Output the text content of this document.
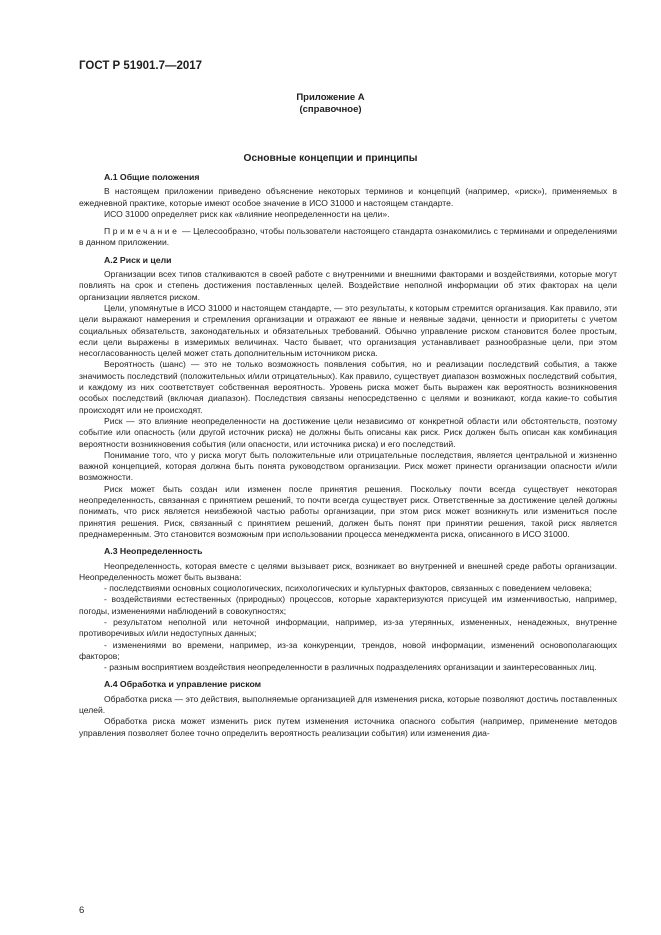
ГОСТ Р 51901.7—2017
Приложение А
(справочное)
Основные концепции и принципы
А.1 Общие положения

В настоящем приложении приведено объяснение некоторых терминов и концепций (например, «риск»), применяемых в ежедневной практике, которые имеют особое значение в ИСО 31000 и настоящем стандарте.

ИСО 31000 определяет риск как «влияние неопределенности на цели».

Примечание — Целесообразно, чтобы пользователи настоящего стандарта ознакомились с терминами и определениями в данном приложении.

А.2 Риск и цели

Организации всех типов сталкиваются в своей работе с внутренними и внешними факторами и воздействиями, которые могут повлиять на срок и степень достижения поставленных целей. Воздействие неполной информации об этих факторах на цели организации является риском.

Цели, упомянутые в ИСО 31000 и настоящем стандарте, — это результаты, к которым стремится организация. Как правило, эти цели выражают намерения и стремления организации и отражают ее явные и неявные задачи, ценности и приоритеты с учетом социальных обязательств, законодательных и обязательных требований. Обычно управление риском становится более простым, если цели выражены в измеримых величинах. Часто бывает, что организация устанавливает разнообразные цели, при этом несогласованность целей может стать дополнительным источником риска.

Вероятность (шанс) — это не только возможность появления события, но и реализации последствий события, а также значимость последствий (положительных и/или отрицательных). Как правило, существует диапазон возможных последствий события, и каждому из них соответствует собственная вероятность. Уровень риска может быть выражен как вероятность возникновения особых последствий (включая диапазон). Последствия связаны непосредственно с целями и возникают, когда какие-то события происходят или не происходят.

Риск — это влияние неопределенности на достижение цели независимо от конкретной области или обстоятельств, поэтому событие или опасность (или другой источник риска) не должны быть описаны как риск. Риск должен быть описан как комбинация вероятности возникновения события (или опасности, или источника риска) и его последствий.

Понимание того, что у риска могут быть положительные или отрицательные последствия, является центральной и жизненно важной концепцией, которая должна быть понята руководством организации. Риск может принести организации опасности и/или возможности.

Риск может быть создан или изменен после принятия решения. Поскольку почти всегда существует некоторая неопределенность, связанная с принятием решений, то почти всегда существует риск. Ответственные за достижение целей должны понимать, что риск является неизбежной частью работы организации, при этом риск может возникнуть или измениться после принятия решения. Риск, связанный с принятием решений, должен быть понят при принятии решения, такой риск является преднамеренным. Это становится возможным при использовании процесса менеджмента риска, описанного в ИСО 31000.

А.3 Неопределенность

Неопределенность, которая вместе с целями вызывает риск, возникает во внутренней и внешней среде работы организации. Неопределенность может быть вызвана:

- последствиями основных социологических, психологических и культурных факторов, связанных с поведением человека;

- воздействиями естественных (природных) процессов, которые характеризуются присущей им изменчивостью, например, погоды, изменениями наблюдений в совокупностях;

- результатом неполной или неточной информации, например, из-за утерянных, измененных, ненадежных, внутренне противоречивых и/или недоступных данных;

- изменениями во времени, например, из-за конкуренции, трендов, новой информации, изменений основополагающих факторов;

- разным восприятием воздействия неопределенности в различных подразделениях организации и заинтересованных лиц.

А.4 Обработка и управление риском

Обработка риска — это действия, выполняемые организацией для изменения риска, которые позволяют достичь поставленных целей.

Обработка риска может изменить риск путем изменения источника опасного события (например, применение методов управления позволяет более точно определить вероятность реализации события) или изменения диа-

6
